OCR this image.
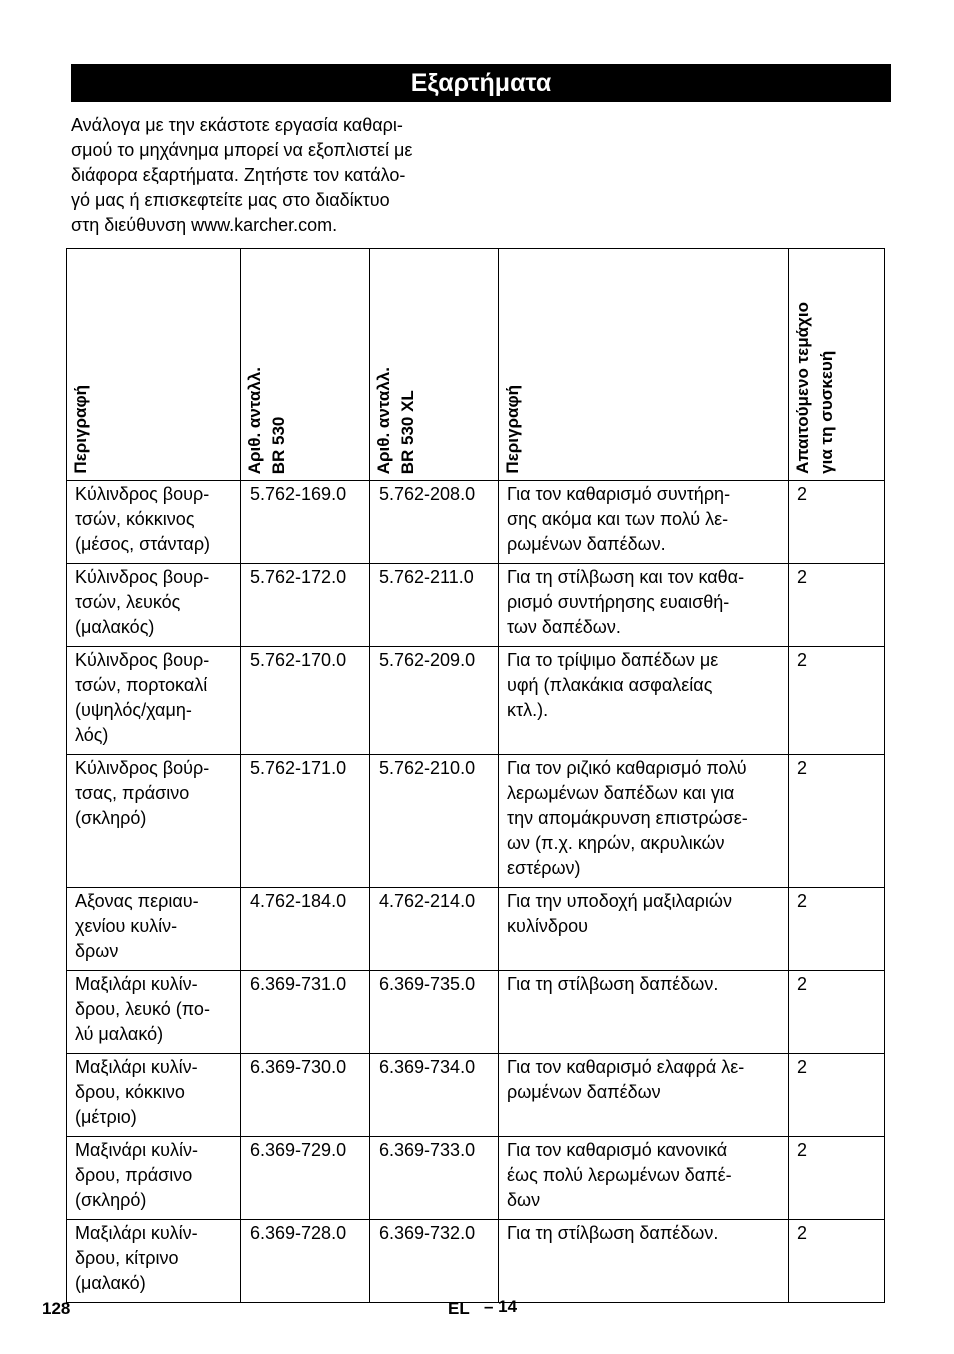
Εξαρτήματα
Ανάλογα με την εκάστοτε εργασία καθαρι-
σμού το μηχάνημα μπορεί να εξοπλιστεί με
διάφορα εξαρτήματα. Ζητήστε τον κατάλο-
γό μας ή επισκεφτείτε μας στο διαδίκτυο
στη διεύθυνση www.karcher.com.
Περιγραφή	Αριθ. ανταλλ. BR 530	Αριθ. ανταλλ. BR 530 XL	Περιγραφή	Απαιτούμενο τεμάχιο για τη συσκευή

Κύλινδρος βουρ-
τσών, κόκκινος
(μέσος, στάνταρ)	5.762-169.0	5.762-208.0	Για τον καθαρισμό συντήρη-
σης ακόμα και των πολύ λε-
ρωμένων δαπέδων.	2

Κύλινδρος βουρ-
τσών, λευκός
(μαλακός)	5.762-172.0	5.762-211.0	Για τη στίλβωση και τον καθα-
ρισμό συντήρησης ευαισθή-
των δαπέδων.	2

Κύλινδρος βουρ-
τσών, πορτοκαλί
(υψηλός/χαμη-
λός)	5.762-170.0	5.762-209.0	Για το τρίψιμο δαπέδων με
υφή (πλακάκια ασφαλείας
κτλ.).	2

Κύλινδρος βούρ-
τσας, πράσινο
(σκληρό)	5.762-171.0	5.762-210.0	Για τον ριζικό καθαρισμό πολύ
λερωμένων δαπέδων και για
την απομάκρυνση επιστρώσε-
ων (π.χ. κηρών, ακρυλικών
εστέρων)	2

Αξονας περιαυ-
χενίου κυλίν-
δρων	4.762-184.0	4.762-214.0	Για την υποδοχή μαξιλαριών
κυλίνδρου	2

Μαξιλάρι κυλίν-
δρου, λευκό (πο-
λύ μαλακό)	6.369-731.0	6.369-735.0	Για τη στίλβωση δαπέδων.	2

Μαξιλάρι κυλίν-
δρου, κόκκινο
(μέτριο)	6.369-730.0	6.369-734.0	Για τον καθαρισμό ελαφρά λε-
ρωμένων δαπέδων	2

Μαξινάρι κυλίν-
δρου, πράσινο
(σκληρό)	6.369-729.0	6.369-733.0	Για τον καθαρισμό κανονικά
έως πολύ λερωμένων δαπέ-
δων	2

Μαξιλάρι κυλίν-
δρου, κίτρινο
(μαλακό)	6.369-728.0	6.369-732.0	Για τη στίλβωση δαπέδων.	2
128	EL – 14
